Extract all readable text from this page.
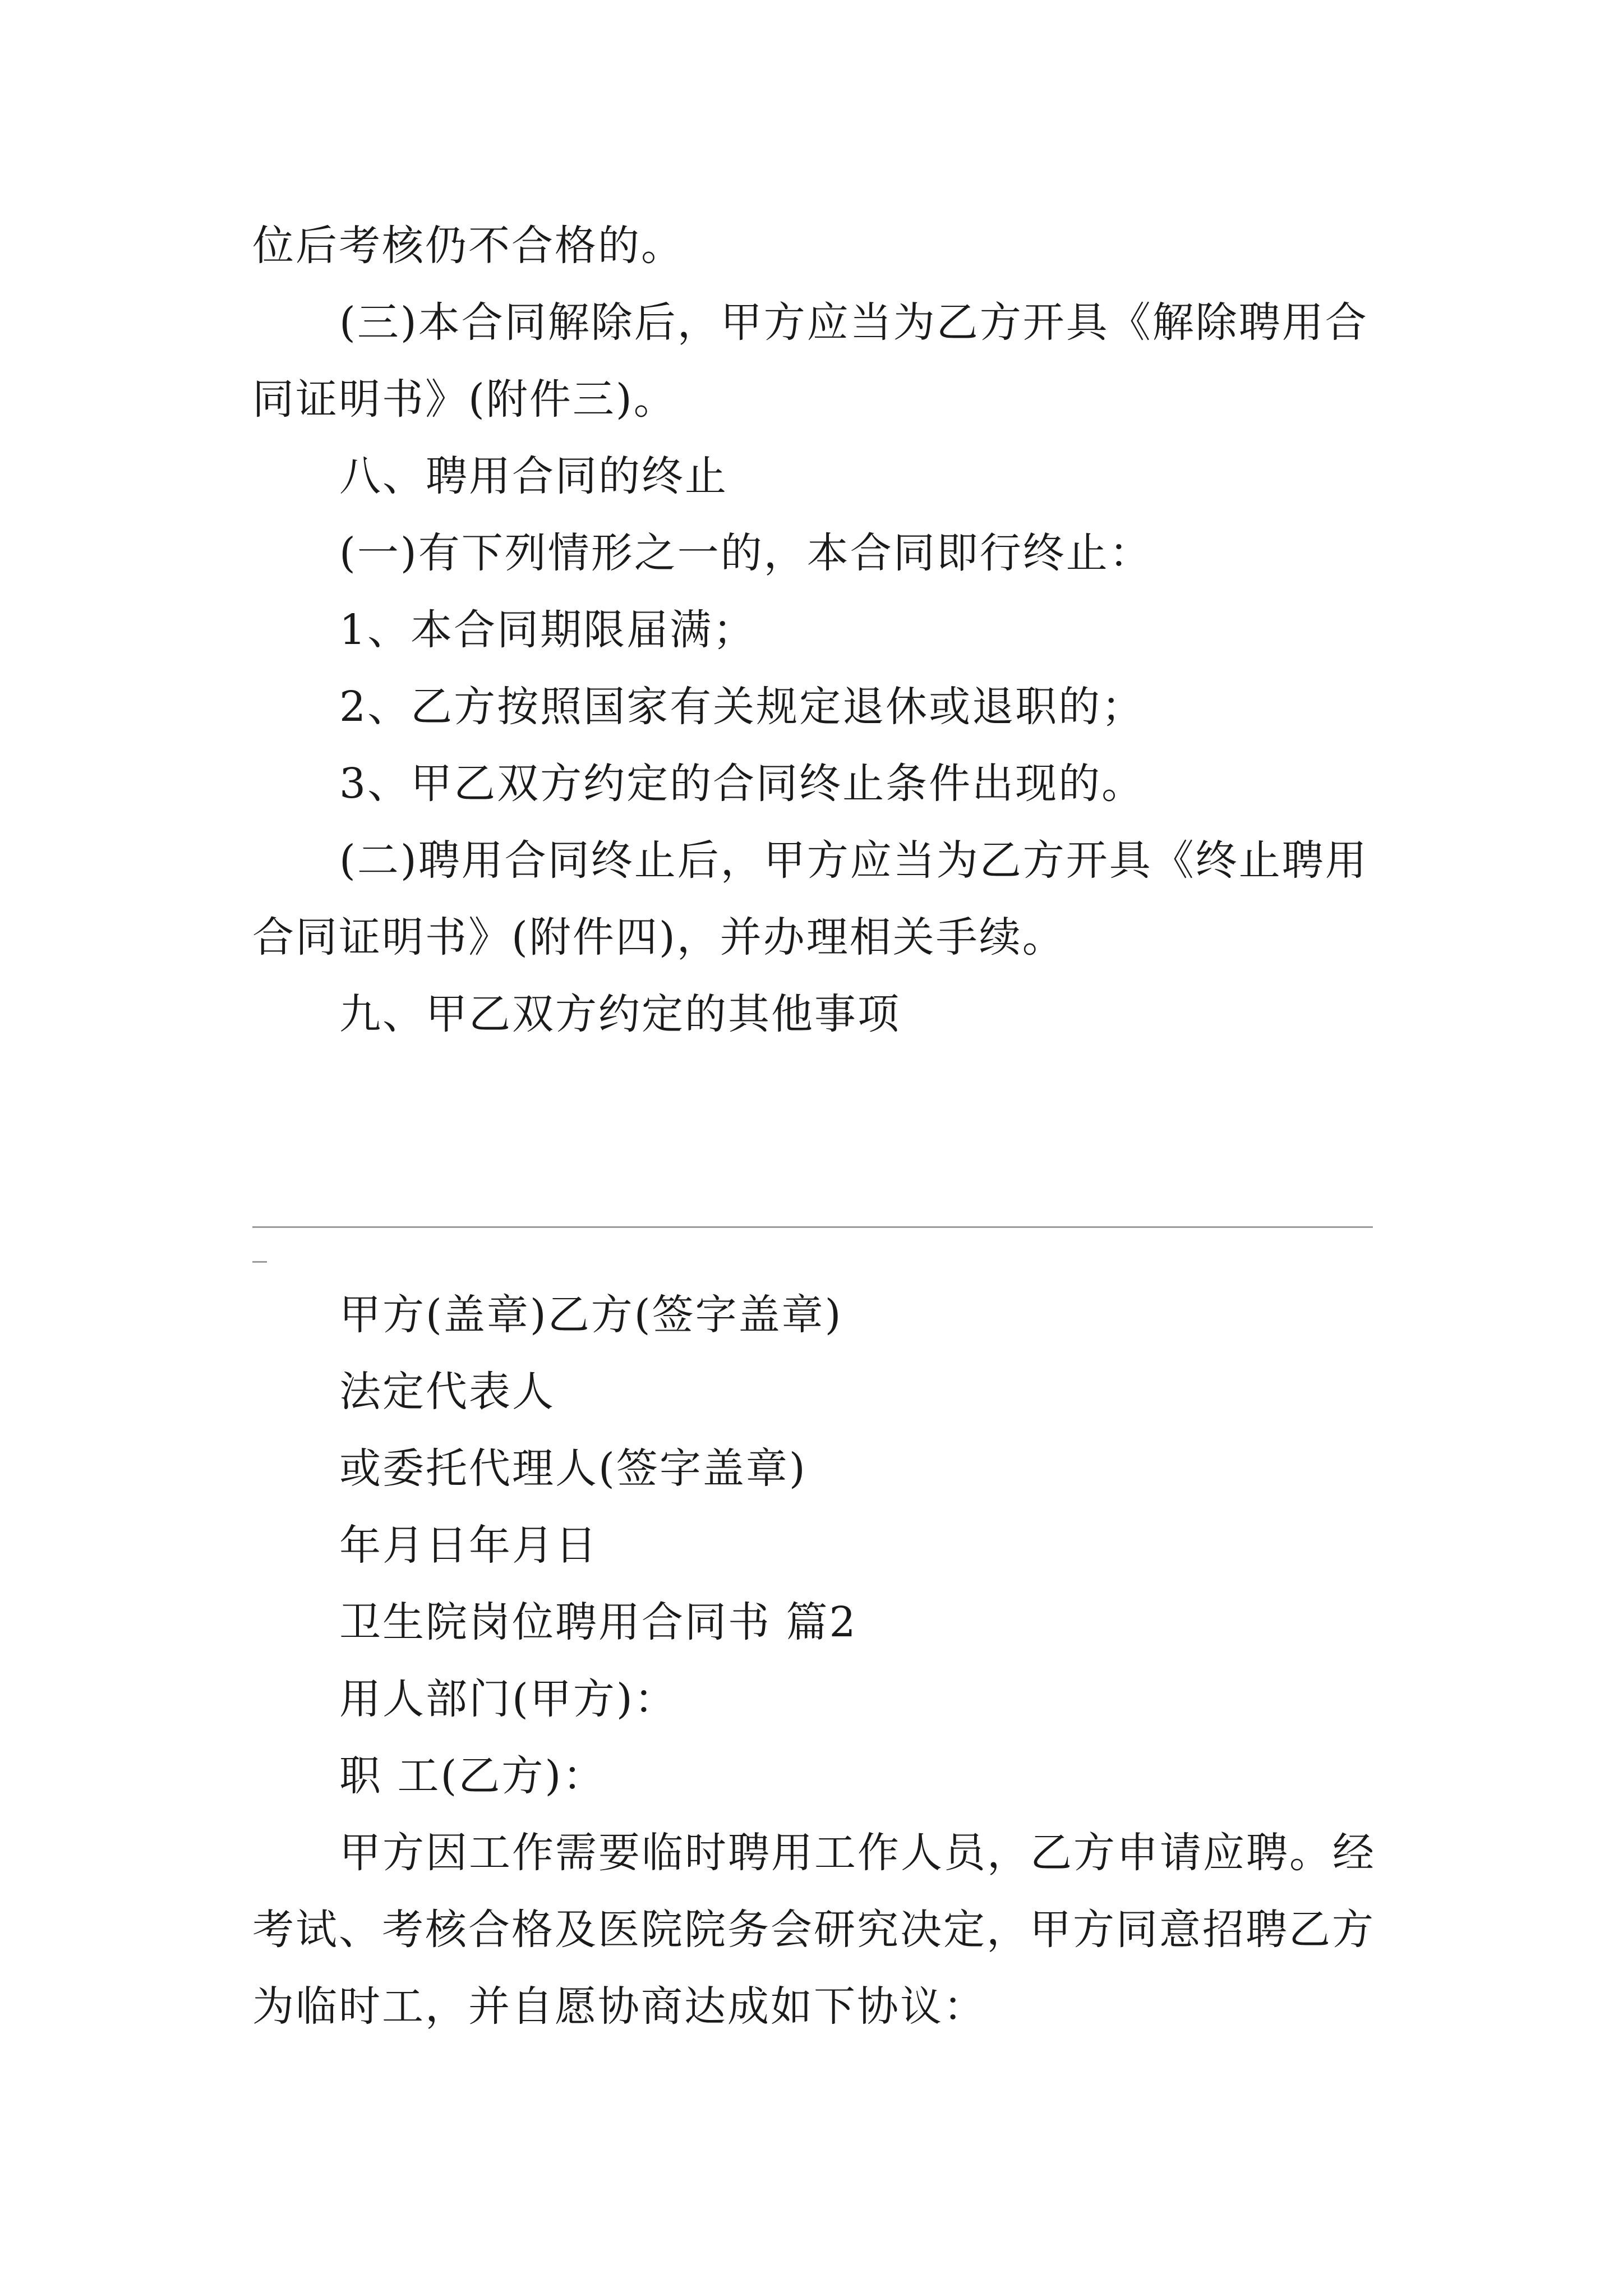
位后考核仍不合格的。
(三)本合同解除后，甲方应当为乙方开具《解除聘用合
同证明书》(附件三)。
八、聘用合同的终止
(一)有下列情形之一的，本合同即行终止：
1、本合同期限届满；
2、乙方按照国家有关规定退休或退职的；
3、甲乙双方约定的合同终止条件出现的。
(二)聘用合同终止后，甲方应当为乙方开具《终止聘用
合同证明书》(附件四)，并办理相关手续。
九、甲乙双方约定的其他事项
甲方(盖章)乙方(签字盖章)
法定代表人
或委托代理人(签字盖章)
年月日年月日
卫生院岗位聘用合同书 篇2
用人部门(甲方)：
职 工(乙方)：
甲方因工作需要临时聘用工作人员，乙方申请应聘。经
考试、考核合格及医院院务会研究决定，甲方同意招聘乙方
为临时工，并自愿协商达成如下协议：
